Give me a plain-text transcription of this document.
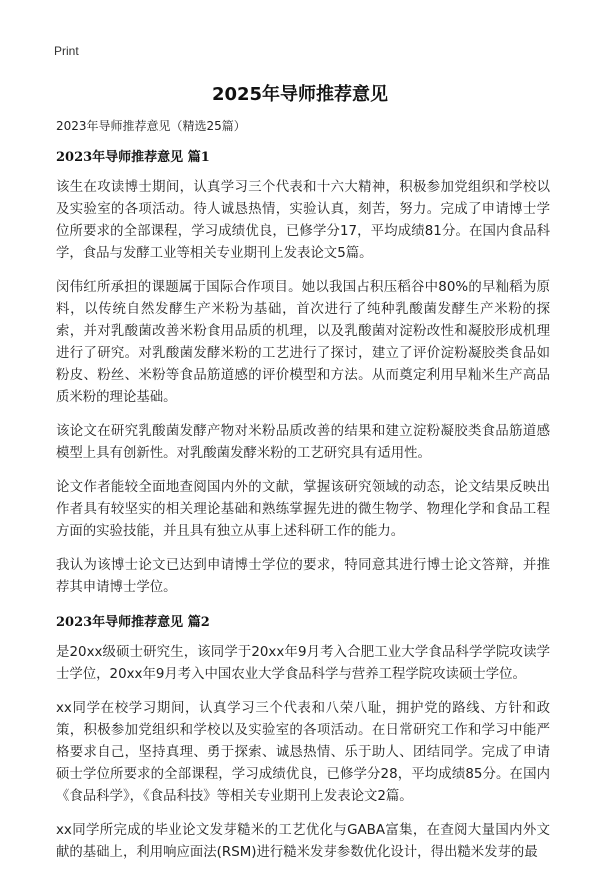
Print
2025年导师推荐意见
2023年导师推荐意见（精选25篇）
2023年导师推荐意见 篇1

该生在攻读博士期间，认真学习三个代表和十六大精神，积极参加党组织和学校以及实验室的各项活动。待人诚恳热情，实验认真，刻苦，努力。完成了申请博士学位所要求的全部课程，学习成绩优良，已修学分17，平均成绩81分。在国内食品科学，食品与发酵工业等相关专业期刊上发表论文5篇。

闵伟红所承担的课题属于国际合作项目。她以我国占积压稻谷中80%的早籼稻为原料，以传统自然发酵生产米粉为基础，首次进行了纯种乳酸菌发酵生产米粉的探索，并对乳酸菌改善米粉食用品质的机理，以及乳酸菌对淀粉改性和凝胶形成机理进行了研究。对乳酸菌发酵米粉的工艺进行了探讨，建立了评价淀粉凝胶类食品如粉皮、粉丝、米粉等食品筋道感的评价模型和方法。从而奠定利用早籼米生产高品质米粉的理论基础。

该论文在研究乳酸菌发酵产物对米粉品质改善的结果和建立淀粉凝胶类食品筋道感模型上具有创新性。对乳酸菌发酵米粉的工艺研究具有适用性。

论文作者能较全面地查阅国内外的文献，掌握该研究领域的动态，论文结果反映出作者具有较坚实的相关理论基础和熟练掌握先进的微生物学、物理化学和食品工程方面的实验技能，并且具有独立从事上述科研工作的能力。

我认为该博士论文已达到申请博士学位的要求，特同意其进行博士论文答辩，并推荐其申请博士学位。

2023年导师推荐意见 篇2

是20xx级硕士研究生，该同学于20xx年9月考入合肥工业大学食品科学学院攻读学士学位，20xx年9月考入中国农业大学食品科学与营养工程学院攻读硕士学位。

xx同学在校学习期间，认真学习三个代表和八荣八耻，拥护党的路线、方针和政策，积极参加党组织和学校以及实验室的各项活动。在日常研究工作和学习中能严格要求自己，坚持真理、勇于探索、诚恳热情、乐于助人、团结同学。完成了申请硕士学位所要求的全部课程，学习成绩优良，已修学分28，平均成绩85分。在国内《食品科学》，《食品科技》等相关专业期刊上发表论文2篇。

xx同学所完成的毕业论文发芽糙米的工艺优化与GABA富集，在查阅大量国内外文献的基础上，利用响应面法(RSM)进行糙米发芽参数优化设计，得出糙米发芽的最
